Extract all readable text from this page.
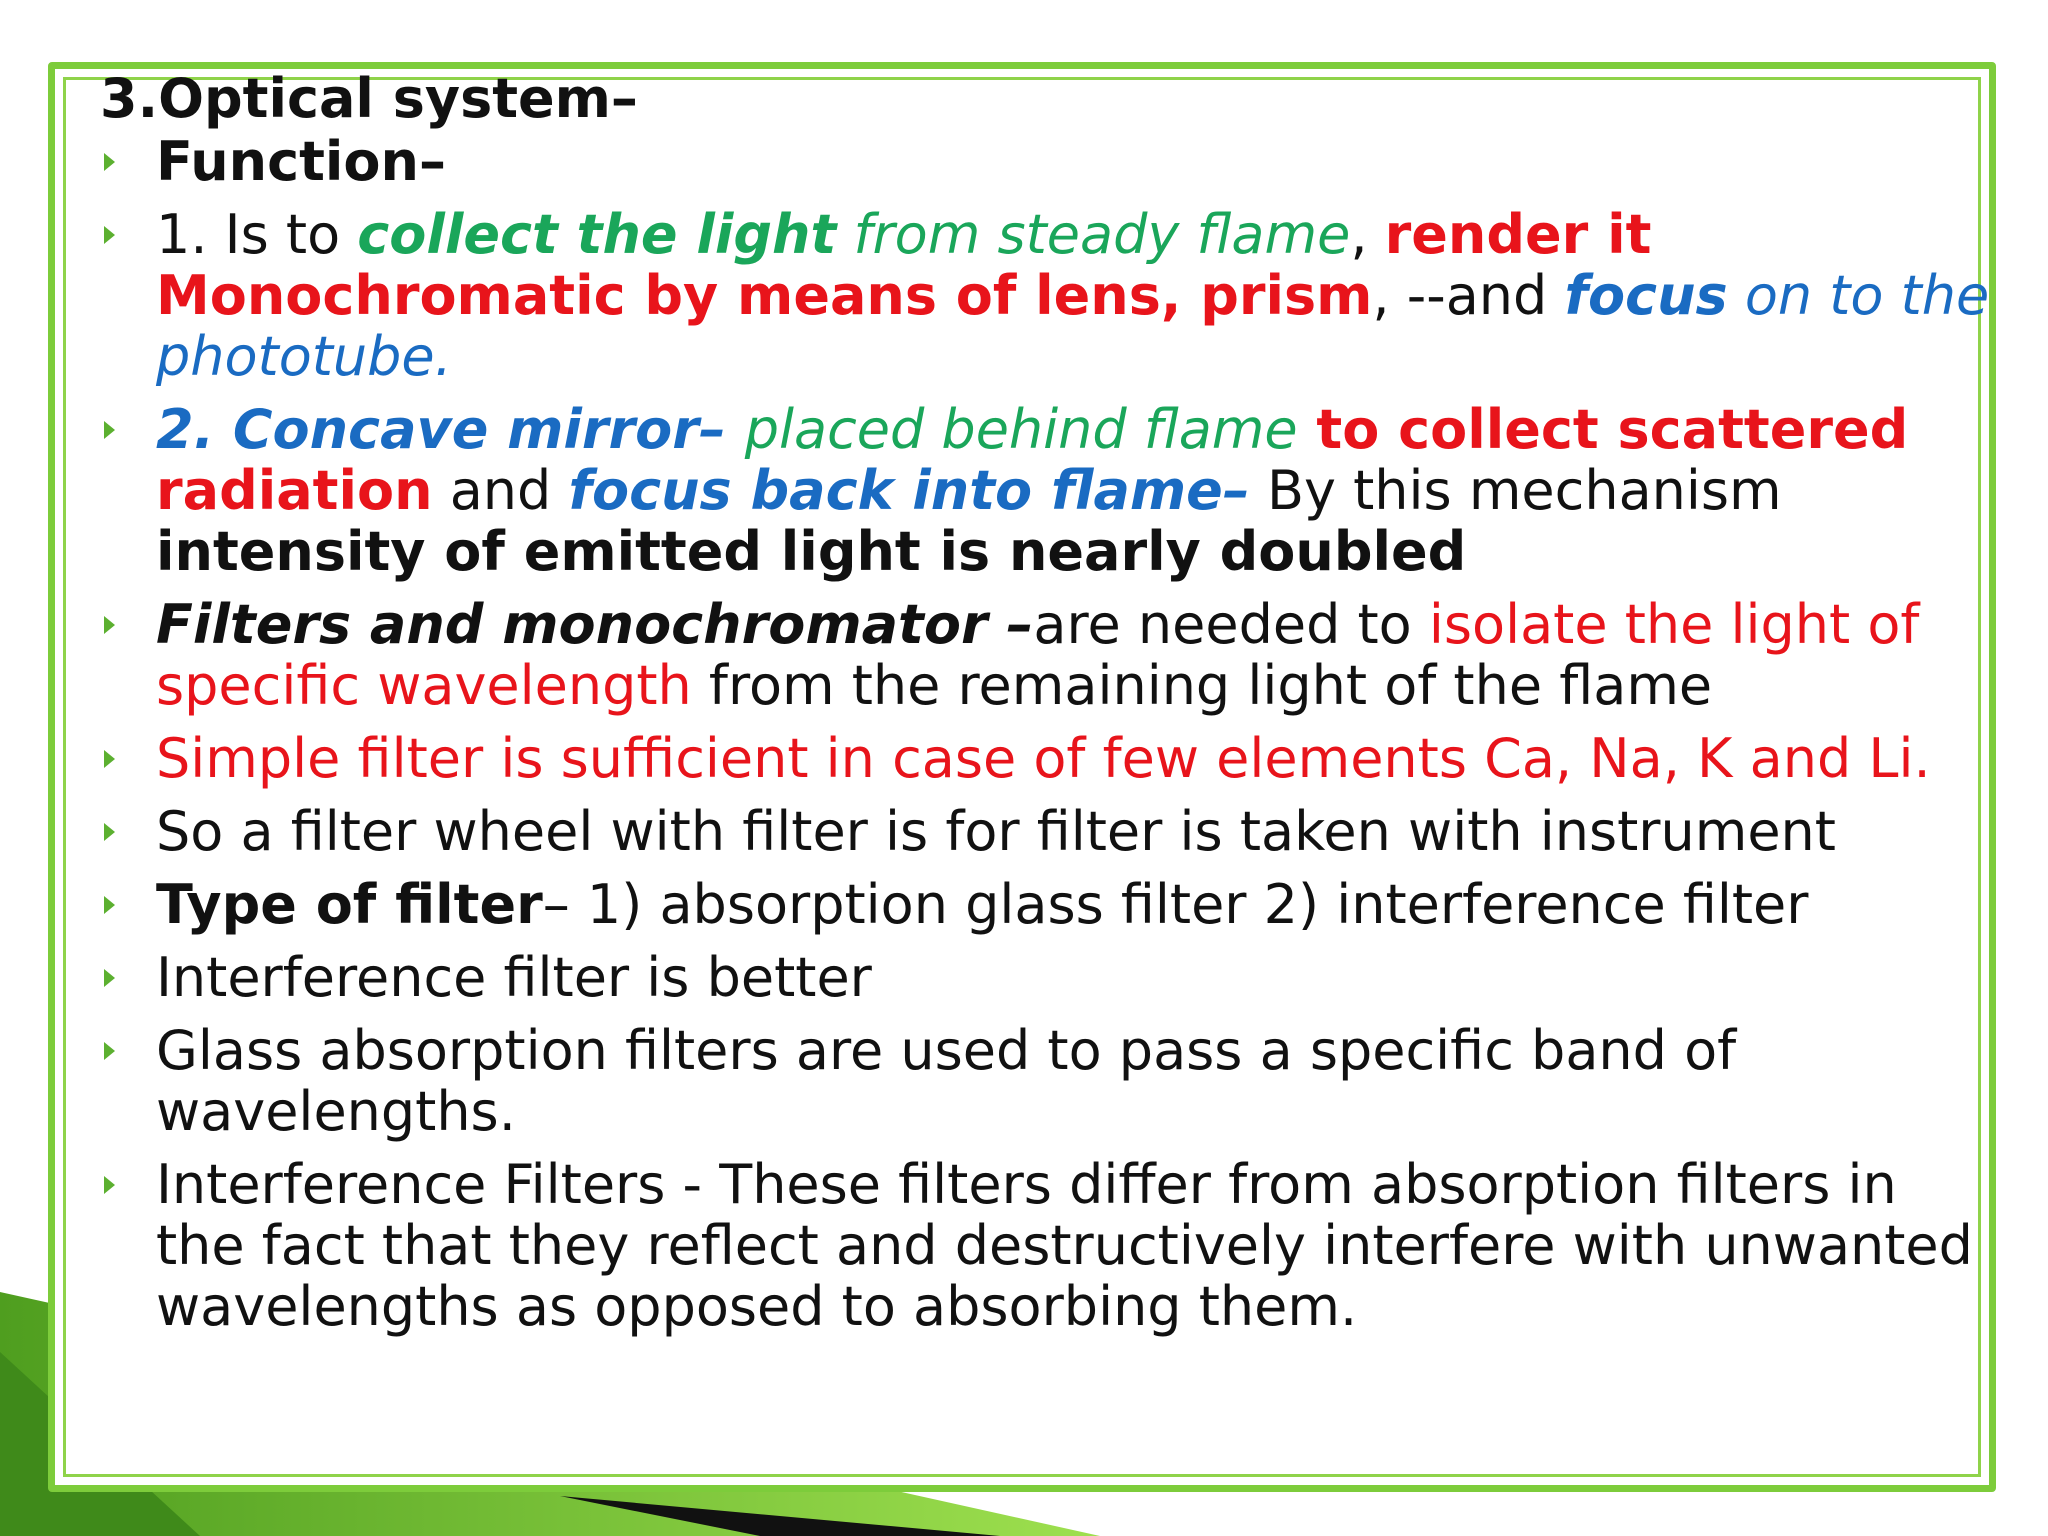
3.Optical system–
Function–
1. Is to collect the light from steady flame, render it Monochromatic by means of lens, prism, --and focus on to the phototube.
2. Concave mirror– placed behind flame to collect scattered radiation and focus back into flame– By this mechanism intensity of emitted light is nearly doubled
Filters and monochromator –are needed to isolate the light of specific wavelength from the remaining light of the flame
Simple filter is sufficient in case of few elements Ca, Na, K and Li.
So a filter wheel with filter is for filter is taken with instrument
Type of filter– 1) absorption glass filter 2) interference filter
Interference filter is better
Glass absorption filters are used to pass a specific band of wavelengths.
Interference Filters - These filters differ from absorption filters in the fact that they reflect and destructively interfere with unwanted wavelengths as opposed to absorbing them.
